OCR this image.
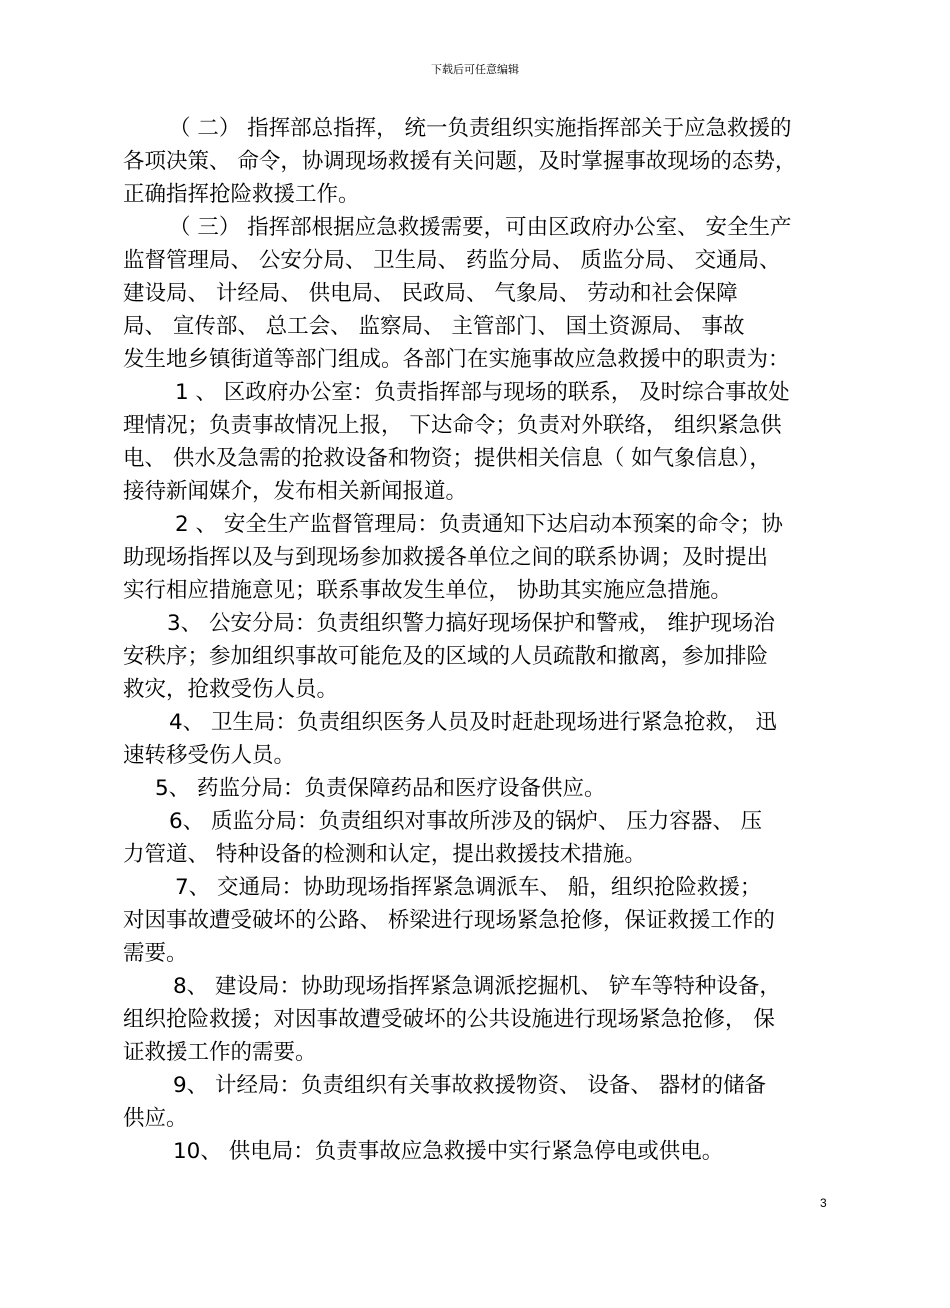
下载后可任意编辑
（ 二） 指挥部总指挥， 统一负责组织实施指挥部关于应急救援的
各项决策、 命令，协调现场救援有关问题，及时掌握事故现场的态势，
正确指挥抢险救援工作。
（ 三） 指挥部根据应急救援需要，可由区政府办公室、 安全生产
监督管理局、 公安分局、 卫生局、 药监分局、 质监分局、 交通局、
建设局、 计经局、 供电局、 民政局、 气象局、 劳动和社会保障
局、 宣传部、 总工会、 监察局、 主管部门、 国土资源局、 事故
发生地乡镇街道等部门组成。各部门在实施事故应急救援中的职责为：
1 、 区政府办公室：负责指挥部与现场的联系， 及时综合事故处
理情况；负责事故情况上报， 下达命令；负责对外联络， 组织紧急供
电、 供水及急需的抢救设备和物资；提供相关信息（ 如气象信息），
接待新闻媒介，发布相关新闻报道。
2 、 安全生产监督管理局：负责通知下达启动本预案的命令；协
助现场指挥以及与到现场参加救援各单位之间的联系协调；及时提出
实行相应措施意见；联系事故发生单位， 协助其实施应急措施。
3、 公安分局：负责组织警力搞好现场保护和警戒， 维护现场治
安秩序；参加组织事故可能危及的区域的人员疏散和撤离，参加排险
救灾，抢救受伤人员。
4、 卫生局：负责组织医务人员及时赶赴现场进行紧急抢救， 迅
速转移受伤人员。
5、 药监分局：负责保障药品和医疗设备供应。
6、 质监分局：负责组织对事故所涉及的锅炉、 压力容器、 压
力管道、 特种设备的检测和认定，提出救援技术措施。
7、 交通局：协助现场指挥紧急调派车、 船，组织抢险救援；
对因事故遭受破坏的公路、 桥梁进行现场紧急抢修，保证救援工作的
需要。
8、 建设局：协助现场指挥紧急调派挖掘机、 铲车等特种设备，
组织抢险救援；对因事故遭受破坏的公共设施进行现场紧急抢修， 保
证救援工作的需要。
9、 计经局：负责组织有关事故救援物资、 设备、 器材的储备
供应。
10、 供电局：负责事故应急救援中实行紧急停电或供电。
3
